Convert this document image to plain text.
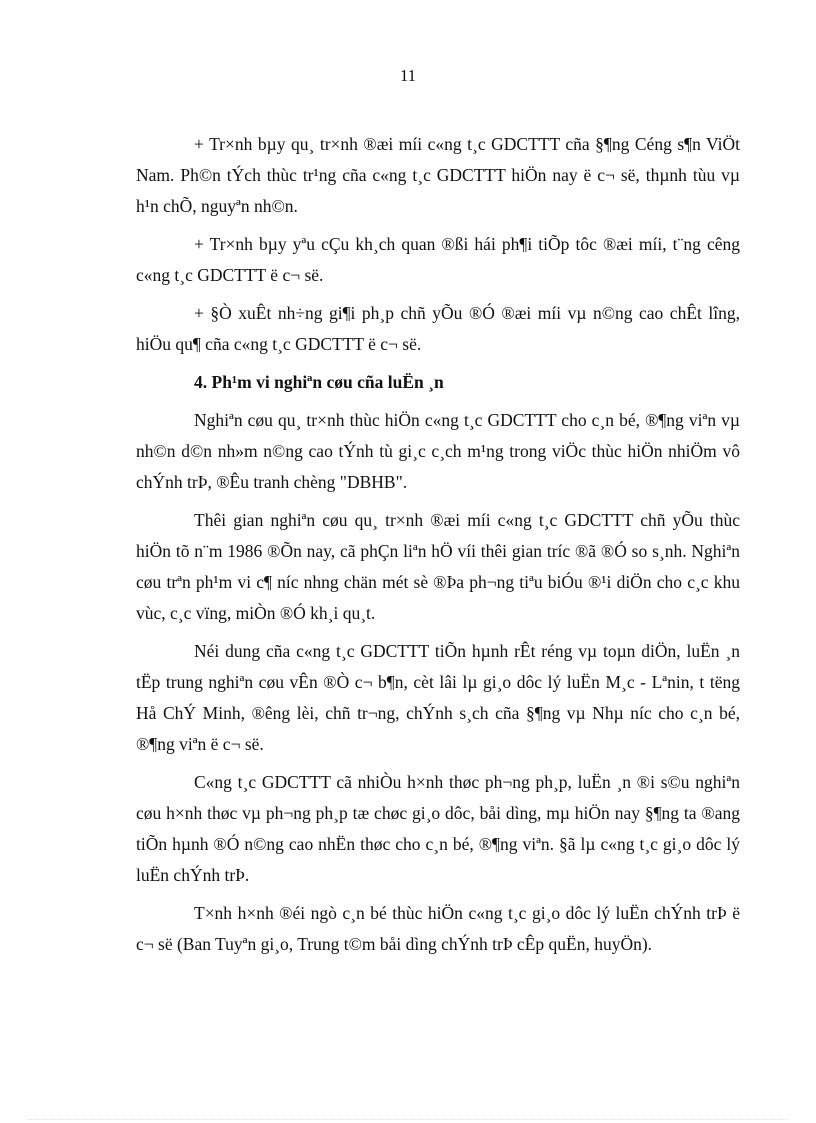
11

+ Tr×nh bµy qu¸ tr×nh ®æi míi c«ng t¸c GDCTTT cña §¶ng Céng s¶n ViÖt Nam. Ph©n tÝch thùc tr¹ng cña c«ng t¸c GDCTTT hiÖn nay ë c¬ së, thµnh tùu vµ h¹n chÕ, nguyªn nh©n.

+ Tr×nh bµy yªu cÇu kh¸ch quan ®ßi hái ph¶i tiÕp tôc ®æi míi, t¨ng cêng c«ng t¸c GDCTTT ë c¬ së.

+ §Ò xuÊt nh÷ng gi¶i ph¸p chñ yÕu ®Ó ®æi míi vµ n©ng cao chÊt lîng, hiÖu qu¶ cña c«ng t¸c GDCTTT ë c¬ së.

4. Ph¹m vi nghiªn cøu cña luËn ¸n

Nghiªn cøu qu¸ tr×nh thùc hiÖn c«ng t¸c GDCTTT cho c¸n bé, ®¶ng viªn vµ nh©n d©n nh»m n©ng cao tÝnh tù gi¸c c¸ch m¹ng trong viÖc thùc hiÖn nhiÖm vô chÝnh trÞ, ®Êu tranh chèng "DBHB".

Thêi gian nghiªn cøu qu¸ tr×nh ®æi míi c«ng t¸c GDCTTT chñ yÕu thùc hiÖn tõ n¨m 1986 ®Õn nay, cã phÇn liªn hÖ víi thêi gian tríc ®ã ®Ó so s¸nh. Nghiªn cøu trªn ph¹m vi c¶ níc nhng chän mét sè ®Þa ph¬ng tiªu biÓu ®¹i diÖn cho c¸c khu vùc, c¸c vïng, miÒn ®Ó kh¸i qu¸t.

Néi dung cña c«ng t¸c GDCTTT tiÕn hµnh rÊt réng vµ toµn diÖn, luËn ¸n tËp trung nghiªn cøu vÊn ®Ò c¬ b¶n, cèt lâi lµ gi¸o dôc lý luËn M¸c - Lªnin, t tëng Hå ChÝ Minh, ®êng lèi, chñ tr¬ng, chÝnh s¸ch cña §¶ng vµ Nhµ níc cho c¸n bé, ®¶ng viªn ë c¬ së.

C«ng t¸c GDCTTT cã nhiÒu h×nh thøc ph¬ng ph¸p, luËn ¸n ®i s©u nghiªn cøu h×nh thøc vµ ph¬ng ph¸p tæ chøc gi¸o dôc, båi dìng, mµ hiÖn nay §¶ng ta ®ang tiÕn hµnh ®Ó n©ng cao nhËn thøc cho c¸n bé, ®¶ng viªn. §ã lµ c«ng t¸c gi¸o dôc lý luËn chÝnh trÞ.

T×nh h×nh ®éi ngò c¸n bé thùc hiÖn c«ng t¸c gi¸o dôc lý luËn chÝnh trÞ ë c¬ së (Ban Tuyªn gi¸o, Trung t©m båi dìng chÝnh trÞ cÊp quËn, huyÖn).
